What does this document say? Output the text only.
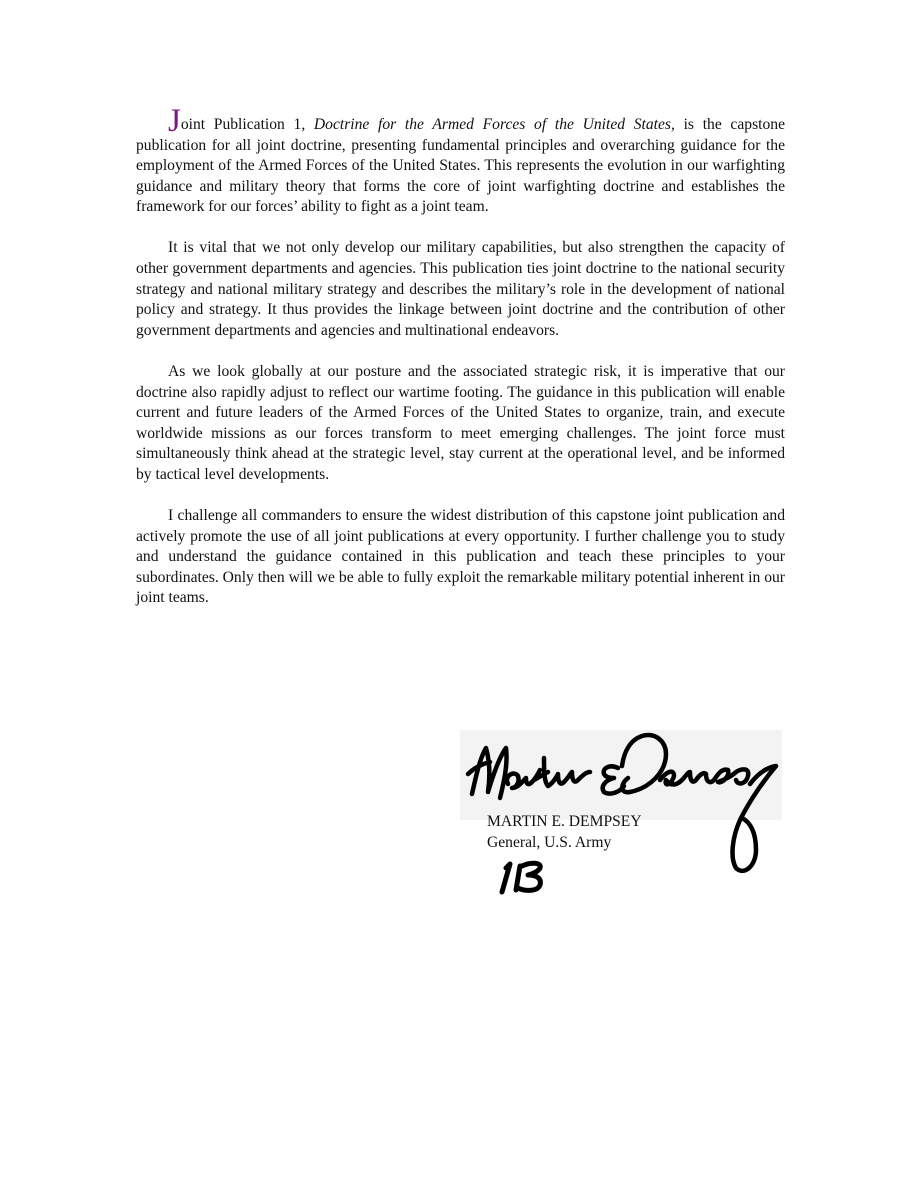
Joint Publication 1, Doctrine for the Armed Forces of the United States, is the capstone publication for all joint doctrine, presenting fundamental principles and overarching guidance for the employment of the Armed Forces of the United States. This represents the evolution in our warfighting guidance and military theory that forms the core of joint warfighting doctrine and establishes the framework for our forces’ ability to fight as a joint team.

It is vital that we not only develop our military capabilities, but also strengthen the capacity of other government departments and agencies. This publication ties joint doctrine to the national security strategy and national military strategy and describes the military’s role in the development of national policy and strategy. It thus provides the linkage between joint doctrine and the contribution of other government departments and agencies and multinational endeavors.

As we look globally at our posture and the associated strategic risk, it is imperative that our doctrine also rapidly adjust to reflect our wartime footing. The guidance in this publication will enable current and future leaders of the Armed Forces of the United States to organize, train, and execute worldwide missions as our forces transform to meet emerging challenges. The joint force must simultaneously think ahead at the strategic level, stay current at the operational level, and be informed by tactical level developments.

I challenge all commanders to ensure the widest distribution of this capstone joint publication and actively promote the use of all joint publications at every opportunity. I further challenge you to study and understand the guidance contained in this publication and teach these principles to your subordinates. Only then will we be able to fully exploit the remarkable military potential inherent in our joint teams.

MARTIN E. DEMPSEY
General, U.S. Army
